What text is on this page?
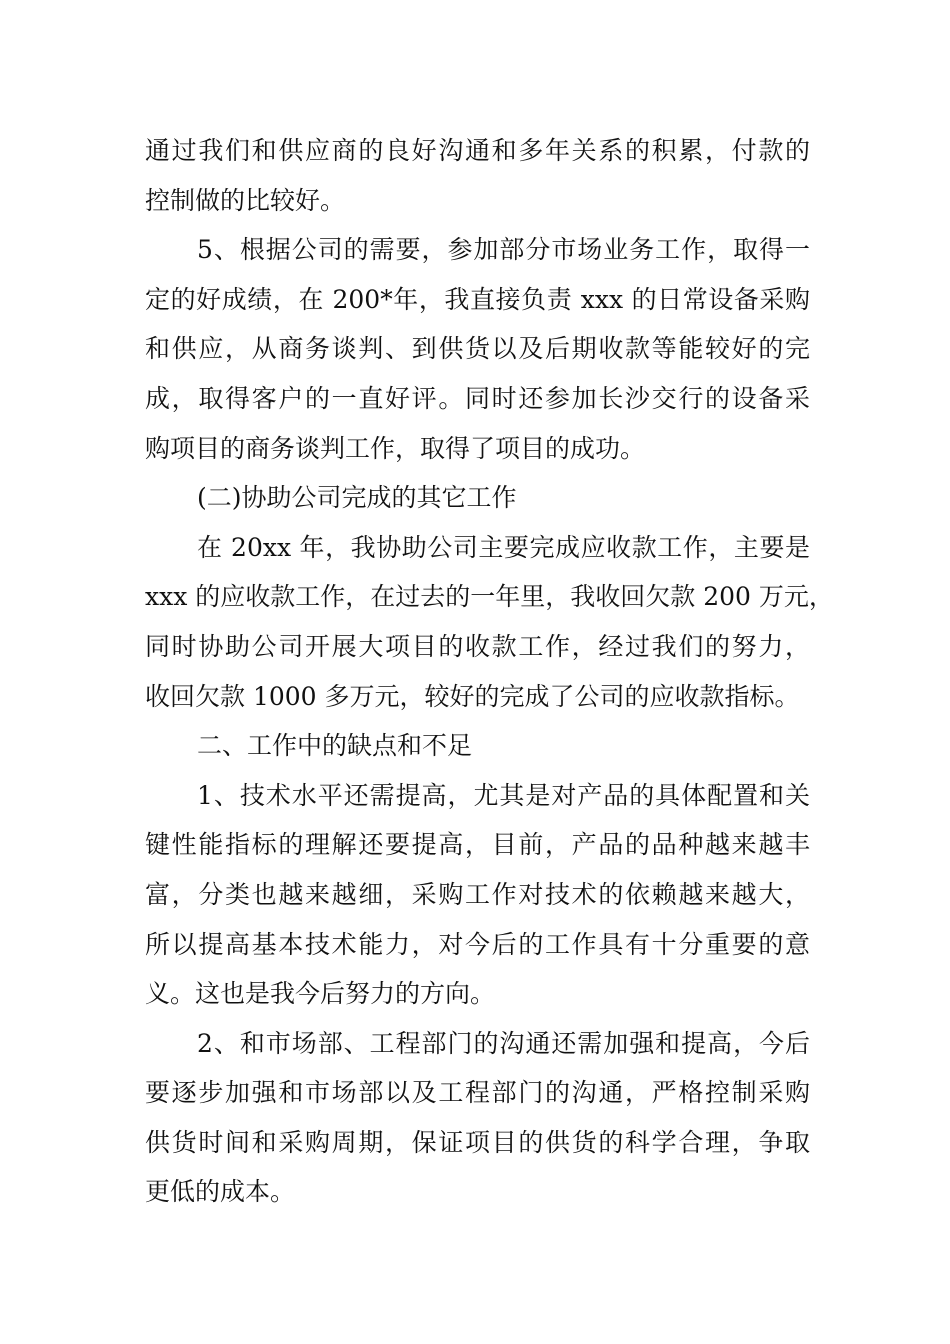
通过我们和供应商的良好沟通和多年关系的积累，付款的
控制做的比较好。
5、根据公司的需要，参加部分市场业务工作，取得一
定的好成绩，在 200*年，我直接负责 xxx 的日常设备采购
和供应，从商务谈判、到供货以及后期收款等能较好的完
成，取得客户的一直好评。同时还参加长沙交行的设备采
购项目的商务谈判工作，取得了项目的成功。
(二)协助公司完成的其它工作
在 20xx 年，我协助公司主要完成应收款工作，主要是
xxx 的应收款工作，在过去的一年里，我收回欠款 200 万元，
同时协助公司开展大项目的收款工作，经过我们的努力，
收回欠款 1000 多万元，较好的完成了公司的应收款指标。
二、工作中的缺点和不足
1、技术水平还需提高，尤其是对产品的具体配置和关
键性能指标的理解还要提高，目前，产品的品种越来越丰
富，分类也越来越细，采购工作对技术的依赖越来越大，
所以提高基本技术能力，对今后的工作具有十分重要的意
义。这也是我今后努力的方向。
2、和市场部、工程部门的沟通还需加强和提高，今后
要逐步加强和市场部以及工程部门的沟通，严格控制采购
供货时间和采购周期，保证项目的供货的科学合理，争取
更低的成本。
